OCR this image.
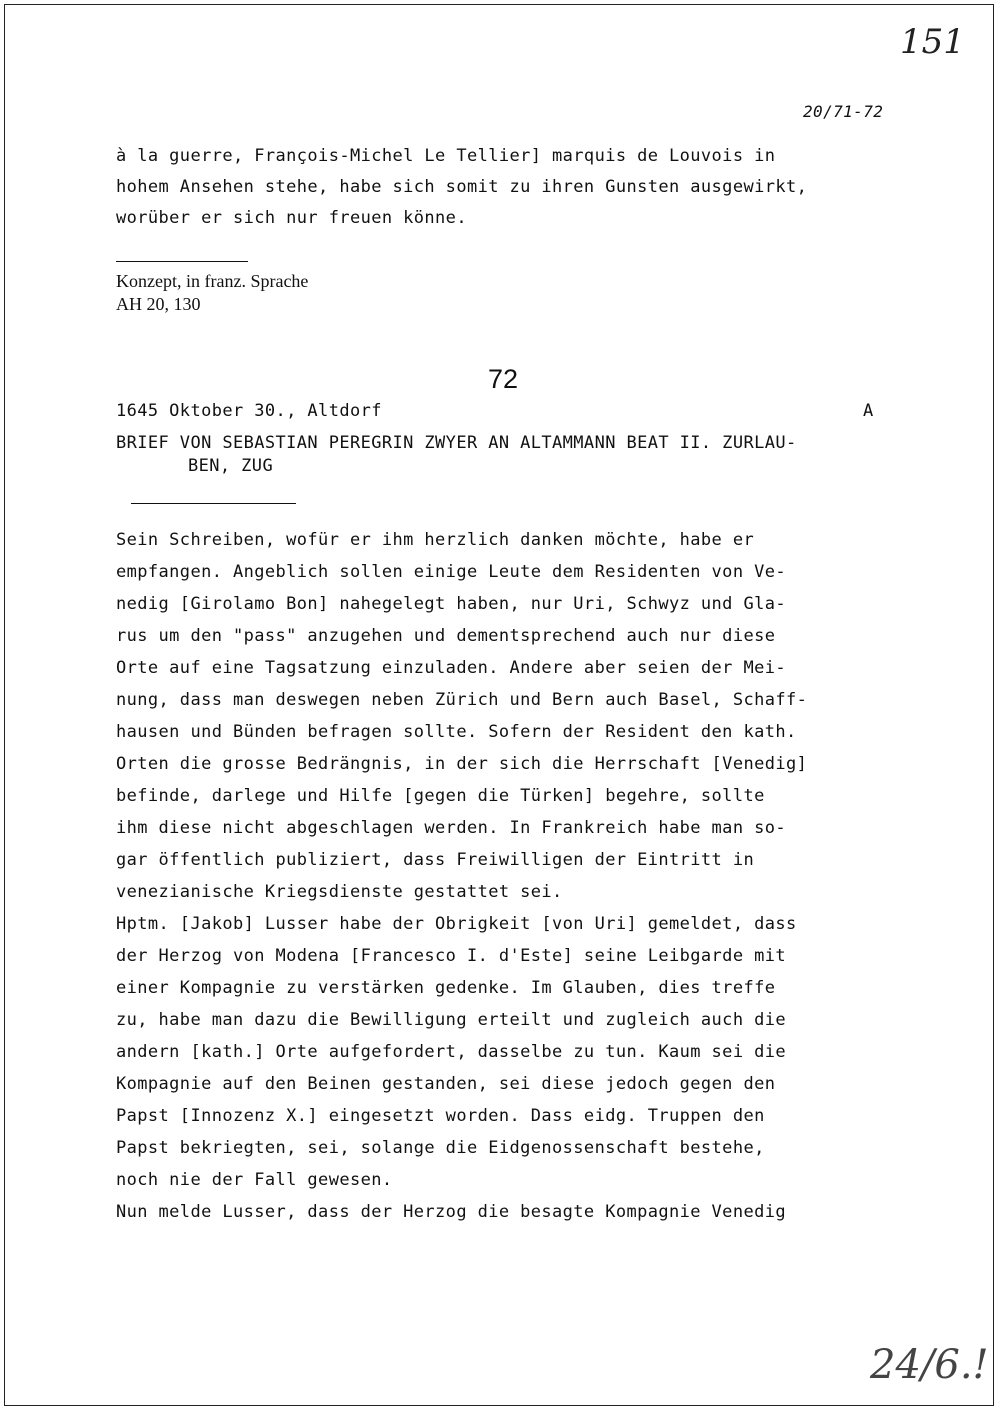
151
20/71-72
à la guerre, François-Michel Le Tellier] marquis de Louvois in
hohem Ansehen stehe, habe sich somit zu ihren Gunsten ausgewirkt,
worüber er sich nur freuen könne.
Konzept, in franz. Sprache
AH 20, 130
72
1645 Oktober 30., Altdorf	A
BRIEF VON SEBASTIAN PEREGRIN ZWYER AN ALTAMMANN BEAT II. ZURLAU-
BEN, ZUG
Sein Schreiben, wofür er ihm herzlich danken möchte, habe er
empfangen. Angeblich sollen einige Leute dem Residenten von Ve-
nedig [Girolamo Bon] nahegelegt haben, nur Uri, Schwyz und Gla-
rus um den "pass" anzugehen und dementsprechend auch nur diese
Orte auf eine Tagsatzung einzuladen. Andere aber seien der Mei-
nung, dass man deswegen neben Zürich und Bern auch Basel, Schaff-
hausen und Bünden befragen sollte. Sofern der Resident den kath.
Orten die grosse Bedrängnis, in der sich die Herrschaft [Venedig]
befinde, darlege und Hilfe [gegen die Türken] begehre, sollte
ihm diese nicht abgeschlagen werden. In Frankreich habe man so-
gar öffentlich publiziert, dass Freiwilligen der Eintritt in
venezianische Kriegsdienste gestattet sei.
Hptm. [Jakob] Lusser habe der Obrigkeit [von Uri] gemeldet, dass
der Herzog von Modena [Francesco I. d'Este] seine Leibgarde mit
einer Kompagnie zu verstärken gedenke. Im Glauben, dies treffe
zu, habe man dazu die Bewilligung erteilt und zugleich auch die
andern [kath.] Orte aufgefordert, dasselbe zu tun. Kaum sei die
Kompagnie auf den Beinen gestanden, sei diese jedoch gegen den
Papst [Innozenz X.] eingesetzt worden. Dass eidg. Truppen den
Papst bekriegten, sei, solange die Eidgenossenschaft bestehe,
noch nie der Fall gewesen.
Nun melde Lusser, dass der Herzog die besagte Kompagnie Venedig
24/6.!
